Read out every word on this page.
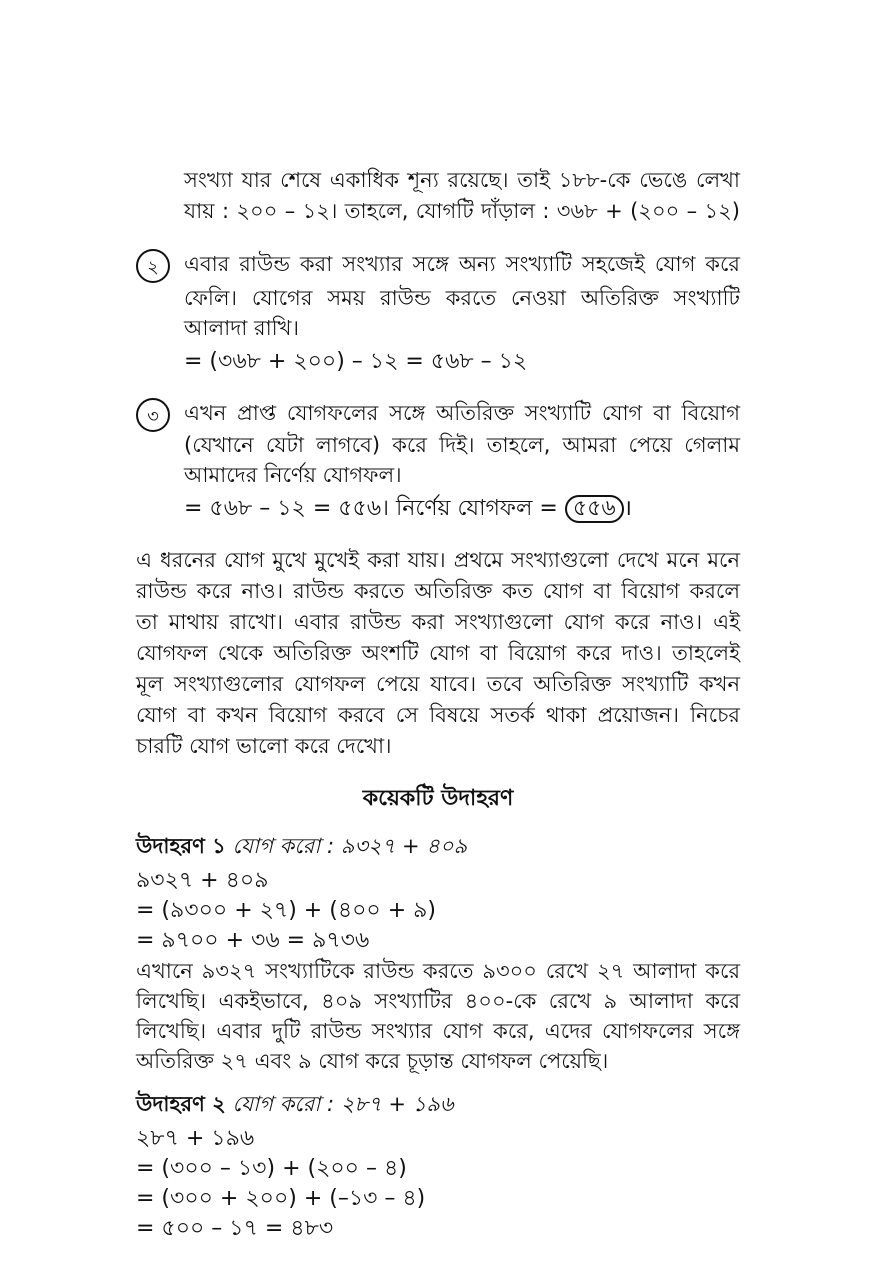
সংখ্যা যার শেষে একাধিক শূন্য রয়েছে। তাই ১৮৮-কে ভেঙে লেখা
যায় : ২০০ – ১২। তাহলে, যোগটি দাঁড়াল : ৩৬৮ + (২০০ – ১২)
২	এবার রাউন্ড করা সংখ্যার সঙ্গে অন্য সংখ্যাটি সহজেই যোগ করে
ফেলি। যোগের সময় রাউন্ড করতে নেওয়া অতিরিক্ত সংখ্যাটি
আলাদা রাখি।
= (৩৬৮ + ২০০) – ১২ = ৫৬৮ – ১২
৩	এখন প্রাপ্ত যোগফলের সঙ্গে অতিরিক্ত সংখ্যাটি যোগ বা বিয়োগ
(যেখানে যেটা লাগবে) করে দিই। তাহলে, আমরা পেয়ে গেলাম
আমাদের নির্ণেয় যোগফল।
= ৫৬৮ – ১২ = ৫৫৬। নির্ণেয় যোগফল = ৫৫৬ ।
এ ধরনের যোগ মুখে মুখেই করা যায়। প্রথমে সংখ্যাগুলো দেখে মনে মনে
রাউন্ড করে নাও। রাউন্ড করতে অতিরিক্ত কত যোগ বা বিয়োগ করলে
তা মাথায় রাখো। এবার রাউন্ড করা সংখ্যাগুলো যোগ করে নাও। এই
যোগফল থেকে অতিরিক্ত অংশটি যোগ বা বিয়োগ করে দাও। তাহলেই
মূল সংখ্যাগুলোর যোগফল পেয়ে যাবে। তবে অতিরিক্ত সংখ্যাটি কখন
যোগ বা কখন বিয়োগ করবে সে বিষয়ে সতর্ক থাকা প্রয়োজন। নিচের
চারটি যোগ ভালো করে দেখো।
কয়েকটি উদাহরণ
উদাহরণ ১ যোগ করো : ৯৩২৭ + ৪০৯
৯৩২৭ + ৪০৯
= (৯৩০০ + ২৭) + (৪০০ + ৯)
= ৯৭০০ + ৩৬ = ৯৭৩৬
এখানে ৯৩২৭ সংখ্যাটিকে রাউন্ড করতে ৯৩০০ রেখে ২৭ আলাদা করে
লিখেছি। একইভাবে, ৪০৯ সংখ্যাটির ৪০০-কে রেখে ৯ আলাদা করে
লিখেছি। এবার দুটি রাউন্ড সংখ্যার যোগ করে, এদের যোগফলের সঙ্গে
অতিরিক্ত ২৭ এবং ৯ যোগ করে চূড়ান্ত যোগফল পেয়েছি।
উদাহরণ ২ যোগ করো : ২৮৭ + ১৯৬
২৮৭ + ১৯৬
= (৩০০ – ১৩) + (২০০ – ৪)
= (৩০০ + ২০০) + (–১৩ – ৪)
= ৫০০ – ১৭ = ৪৮৩
